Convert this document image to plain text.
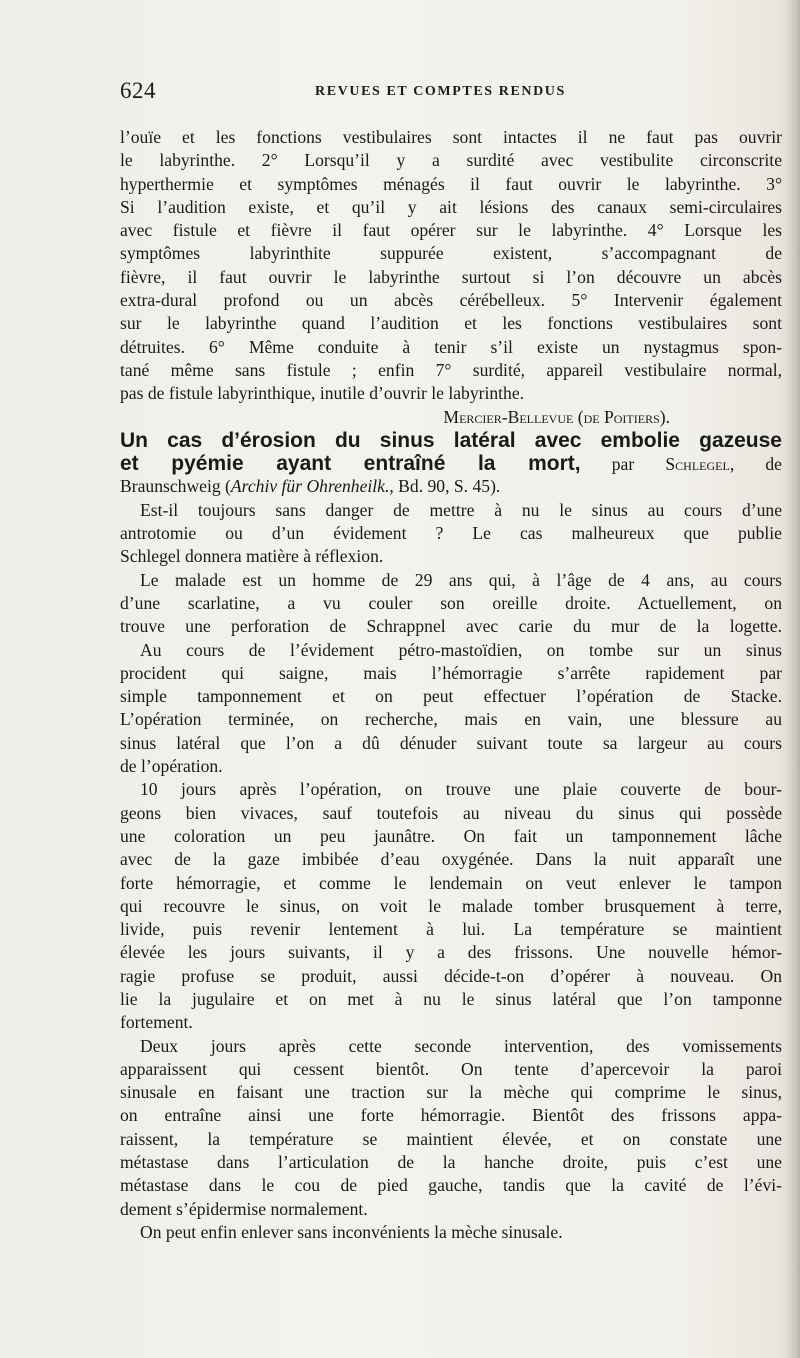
624	REVUES ET COMPTES RENDUS
l’ouïe et les fonctions vestibulaires sont intactes il ne faut pas ouvrir
le labyrinthe. 2° Lorsqu’il y a surdité avec vestibulite circonscrite
hyperthermie et symptômes ménagés il faut ouvrir le labyrinthe. 3°
Si l’audition existe, et qu’il y ait lésions des canaux semi-circulaires
avec fistule et fièvre il faut opérer sur le labyrinthe. 4° Lorsque les
symptômes labyrinthite suppurée existent, s’accompagnant de
fièvre, il faut ouvrir le labyrinthe surtout si l’on découvre un abcès
extra-dural profond ou un abcès cérébelleux. 5° Intervenir également
sur le labyrinthe quand l’audition et les fonctions vestibulaires sont
détruites. 6° Même conduite à tenir s’il existe un nystagmus spon-
tané même sans fistule ; enfin 7° surdité, appareil vestibulaire normal,
pas de fistule labyrinthique, inutile d’ouvrir le labyrinthe.
Mercier-Bellevue (de Poitiers).
Un cas d’érosion du sinus latéral avec embolie gazeuse
et pyémie ayant entraîné la mort, par Schlegel, de
Braunschweig (Archiv für Ohrenheilk., Bd. 90, S. 45).
Est-il toujours sans danger de mettre à nu le sinus au cours d’une
antrotomie ou d’un évidement ? Le cas malheureux que publie
Schlegel donnera matière à réflexion.
Le malade est un homme de 29 ans qui, à l’âge de 4 ans, au cours
d’une scarlatine, a vu couler son oreille droite. Actuellement, on
trouve une perforation de Schrappnel avec carie du mur de la logette.
Au cours de l’évidement pétro-mastoïdien, on tombe sur un sinus
procident qui saigne, mais l’hémorragie s’arrête rapidement par
simple tamponnement et on peut effectuer l’opération de Stacke.
L’opération terminée, on recherche, mais en vain, une blessure au
sinus latéral que l’on a dû dénuder suivant toute sa largeur au cours
de l’opération.
10 jours après l’opération, on trouve une plaie couverte de bour-
geons bien vivaces, sauf toutefois au niveau du sinus qui possède
une coloration un peu jaunâtre. On fait un tamponnement lâche
avec de la gaze imbibée d’eau oxygénée. Dans la nuit apparaît une
forte hémorragie, et comme le lendemain on veut enlever le tampon
qui recouvre le sinus, on voit le malade tomber brusquement à terre,
livide, puis revenir lentement à lui. La température se maintient
élevée les jours suivants, il y a des frissons. Une nouvelle hémor-
ragie profuse se produit, aussi décide-t-on d’opérer à nouveau. On
lie la jugulaire et on met à nu le sinus latéral que l’on tamponne
fortement.
Deux jours après cette seconde intervention, des vomissements
apparaissent qui cessent bientôt. On tente d’apercevoir la paroi
sinusale en faisant une traction sur la mèche qui comprime le sinus,
on entraîne ainsi une forte hémorragie. Bientôt des frissons appa-
raissent, la température se maintient élevée, et on constate une
métastase dans l’articulation de la hanche droite, puis c’est une
métastase dans le cou de pied gauche, tandis que la cavité de l’évi-
dement s’épidermise normalement.
On peut enfin enlever sans inconvénients la mèche sinusale.
